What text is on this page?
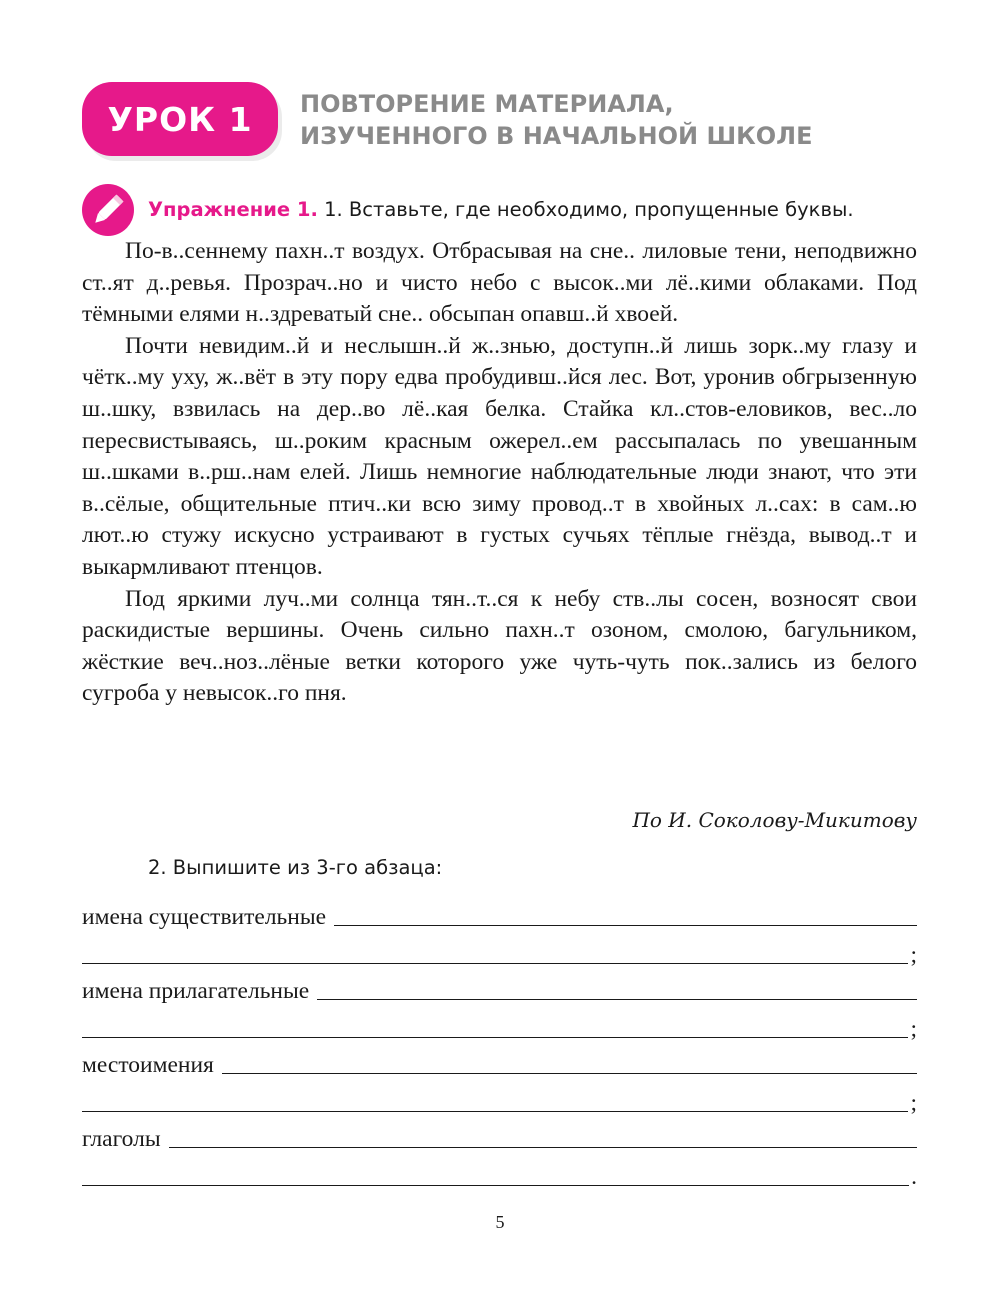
УРОК 1 ПОВТОРЕНИЕ МАТЕРИАЛА,
ИЗУЧЕННОГО В НАЧАЛЬНОЙ ШКОЛЕ
Упражнение 1. 1. Вставьте, где необходимо, пропущенные буквы.

По-в..сеннему пахн..т воздух. Отбрасывая на сне.. лиловые тени, неподвижно ст..ят д..ревья. Прозрач..но и чисто небо с выcок..ми лё..кими облаками. Под тёмными елями н..здреватый сне.. обсыпан опавш..й хвоей.

Почти невидим..й и неслышн..й ж..знью, доступн..й лишь зорк..му глазу и чётк..му уху, ж..вёт в эту пору едва пробудивш..йся лес. Вот, уронив обгрызенную ш..шку, взвилась на дер..во лё..кая белка. Стайка кл..стов-еловиков, вес..ло пересвистываясь, ш..роким красным ожерел..ем рассыпалась по увешанным ш..шками в..рш..нам елей. Лишь немногие наблюдательные люди знают, что эти в..сёлые, общительные птич..ки всю зиму провод..т в хвойных л..сах: в сам..ю лют..ю стужу искусно устраивают в густых сучьях тёплые гнёзда, вывод..т и выкармливают птенцов.

Под яркими луч..ми солнца тян..т..ся к небу ств..лы сосен, возносят свои раскидистые вершины. Очень сильно пахн..т озоном, смолою, багульником, жёсткие веч..ноз..лёные ветки которого уже чуть-чуть пок..зались из белого сугроба у невысок..го пня.

По И. Соколову-Микитову
2. Выпишите из 3-го абзаца:
имена существительные
;
имена прилагательные
;
местоимения
;
глаголы
.
5
